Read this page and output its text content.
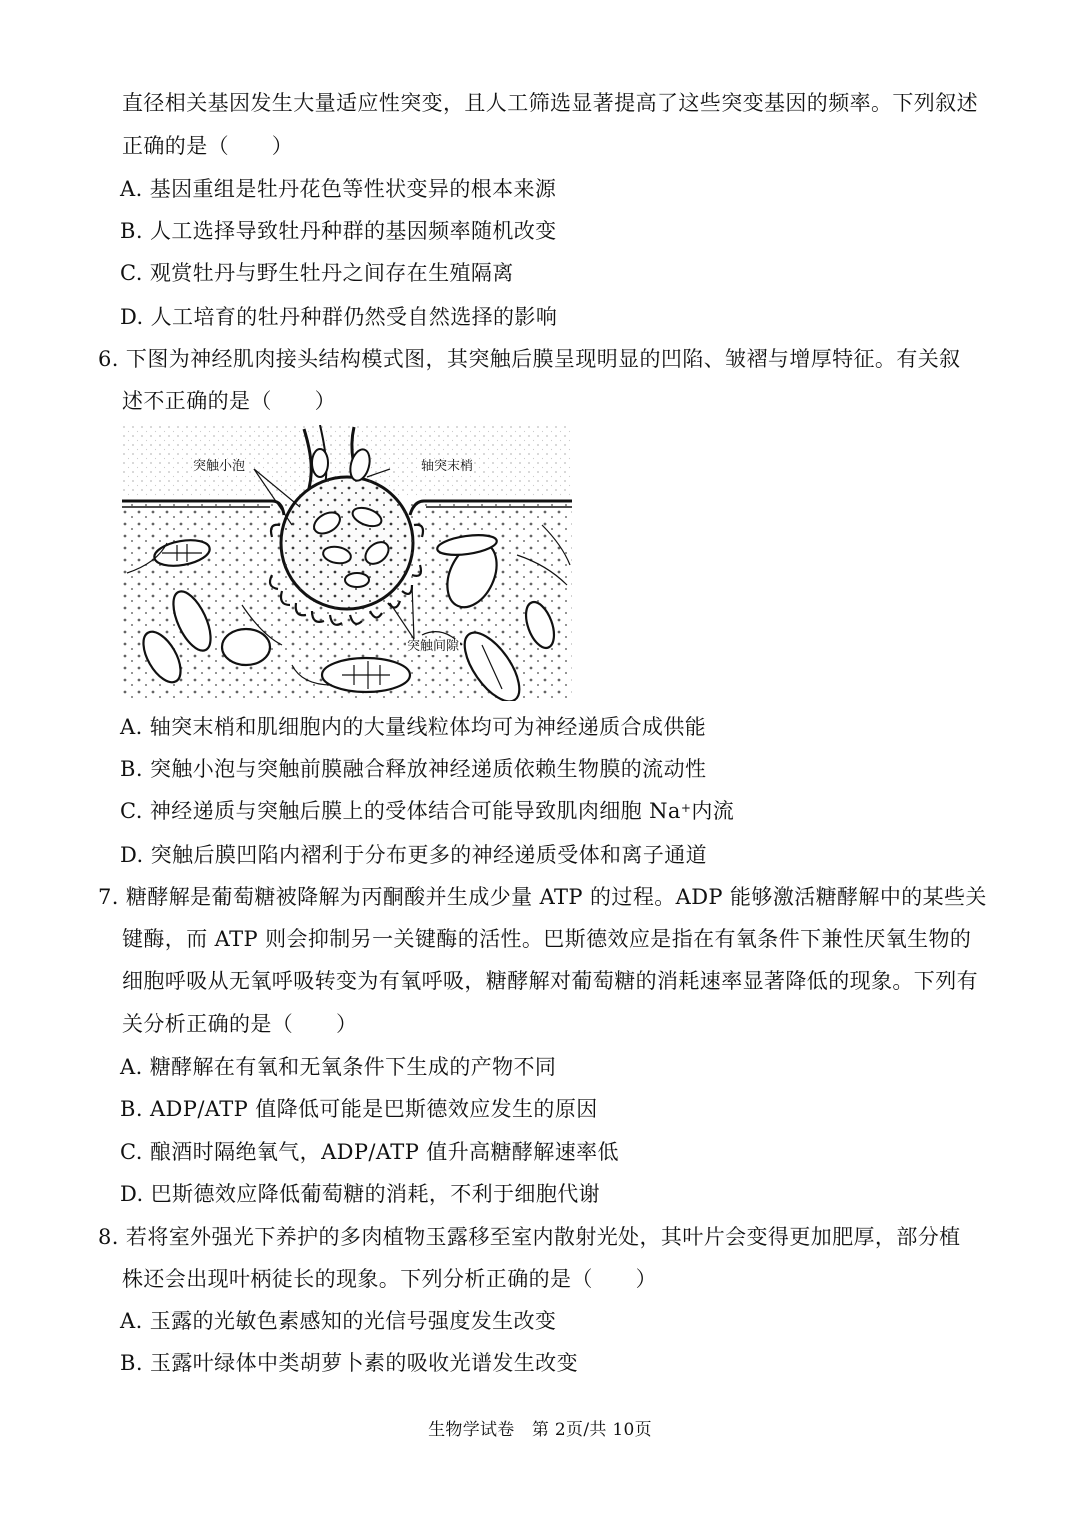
直径相关基因发生大量适应性突变，且人工筛选显著提高了这些突变基因的频率。下列叙述
正确的是（　　）
A. 基因重组是牡丹花色等性状变异的根本来源
B. 人工选择导致牡丹种群的基因频率随机改变
C. 观赏牡丹与野生牡丹之间存在生殖隔离
D. 人工培育的牡丹种群仍然受自然选择的影响
6. 下图为神经肌肉接头结构模式图，其突触后膜呈现明显的凹陷、皱褶与增厚特征。有关叙
述不正确的是（　　）
突触小泡	轴突末梢
突触间隙
A. 轴突末梢和肌细胞内的大量线粒体均可为神经递质合成供能
B. 突触小泡与突触前膜融合释放神经递质依赖生物膜的流动性
C. 神经递质与突触后膜上的受体结合可能导致肌肉细胞 Na+内流
D. 突触后膜凹陷内褶利于分布更多的神经递质受体和离子通道
7. 糖酵解是葡萄糖被降解为丙酮酸并生成少量 ATP 的过程。ADP 能够激活糖酵解中的某些关
键酶，而 ATP 则会抑制另一关键酶的活性。巴斯德效应是指在有氧条件下兼性厌氧生物的
细胞呼吸从无氧呼吸转变为有氧呼吸，糖酵解对葡萄糖的消耗速率显著降低的现象。下列有
关分析正确的是（　　）
A. 糖酵解在有氧和无氧条件下生成的产物不同
B. ADP/ATP 值降低可能是巴斯德效应发生的原因
C. 酿酒时隔绝氧气，ADP/ATP 值升高糖酵解速率低
D. 巴斯德效应降低葡萄糖的消耗，不利于细胞代谢
8. 若将室外强光下养护的多肉植物玉露移至室内散射光处，其叶片会变得更加肥厚，部分植
株还会出现叶柄徒长的现象。下列分析正确的是（　　）
A. 玉露的光敏色素感知的光信号强度发生改变
B. 玉露叶绿体中类胡萝卜素的吸收光谱发生改变
生物学试卷　第 2页/共 10页
